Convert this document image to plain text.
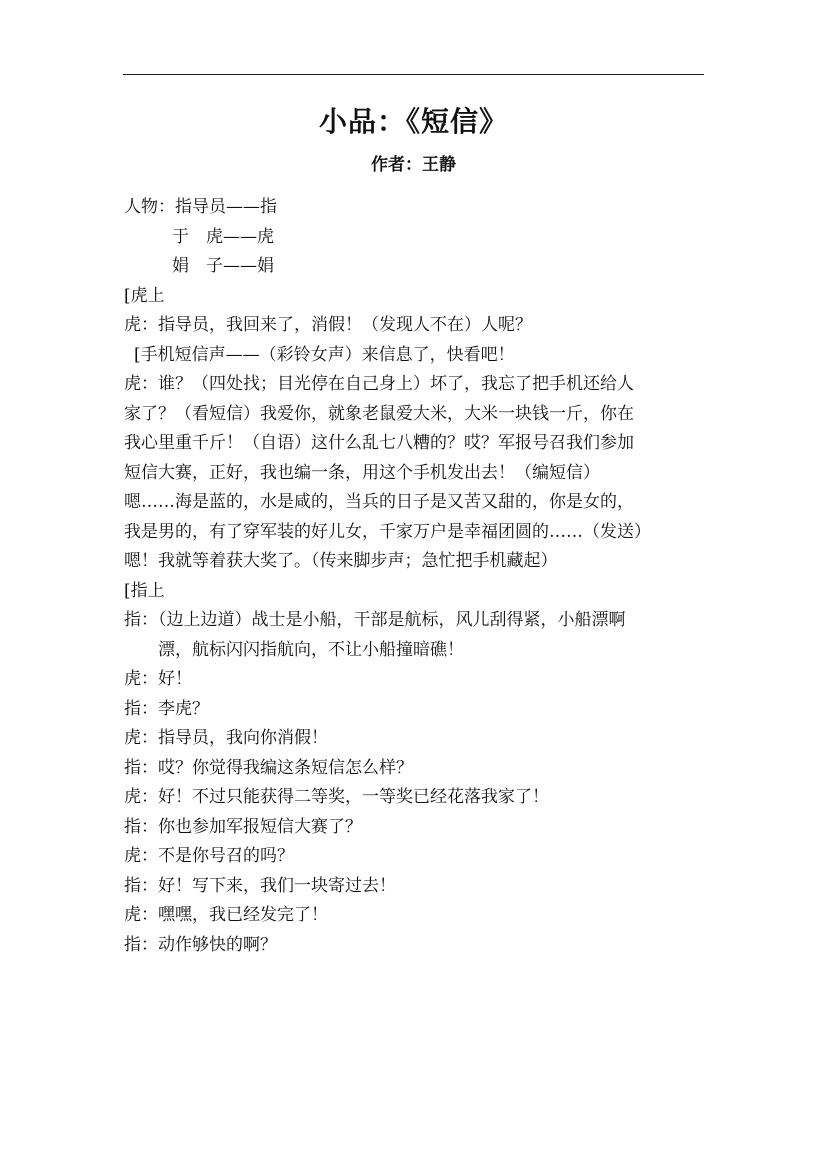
小品：《短信》
作者：王静

人物：指导员——指

于　虎——虎

娟　子——娟

[虎上

虎：指导员，我回来了，消假！（发现人不在）人呢？

[手机短信声——（彩铃女声）来信息了，快看吧！

虎：谁？（四处找；目光停在自己身上）坏了，我忘了把手机还给人

家了？（看短信）我爱你，就象老鼠爱大米，大米一块钱一斤，你在

我心里重千斤！（自语）这什么乱七八糟的？哎？军报号召我们参加

短信大赛，正好，我也编一条，用这个手机发出去！（编短信）

嗯……海是蓝的，水是咸的，当兵的日子是又苦又甜的，你是女的，

我是男的，有了穿军装的好儿女，千家万户是幸福团圆的……（发送）

嗯！我就等着获大奖了。（传来脚步声；急忙把手机藏起）

[指上

指：（边上边道）战士是小船，干部是航标，风儿刮得紧，小船漂啊

漂，航标闪闪指航向，不让小船撞暗礁！

虎：好！

指：李虎？

虎：指导员，我向你消假！

指：哎？你觉得我编这条短信怎么样？

虎：好！不过只能获得二等奖，一等奖已经花落我家了！

指：你也参加军报短信大赛了？

虎：不是你号召的吗？

指：好！写下来，我们一块寄过去！

虎：嘿嘿，我已经发完了！

指：动作够快的啊？
